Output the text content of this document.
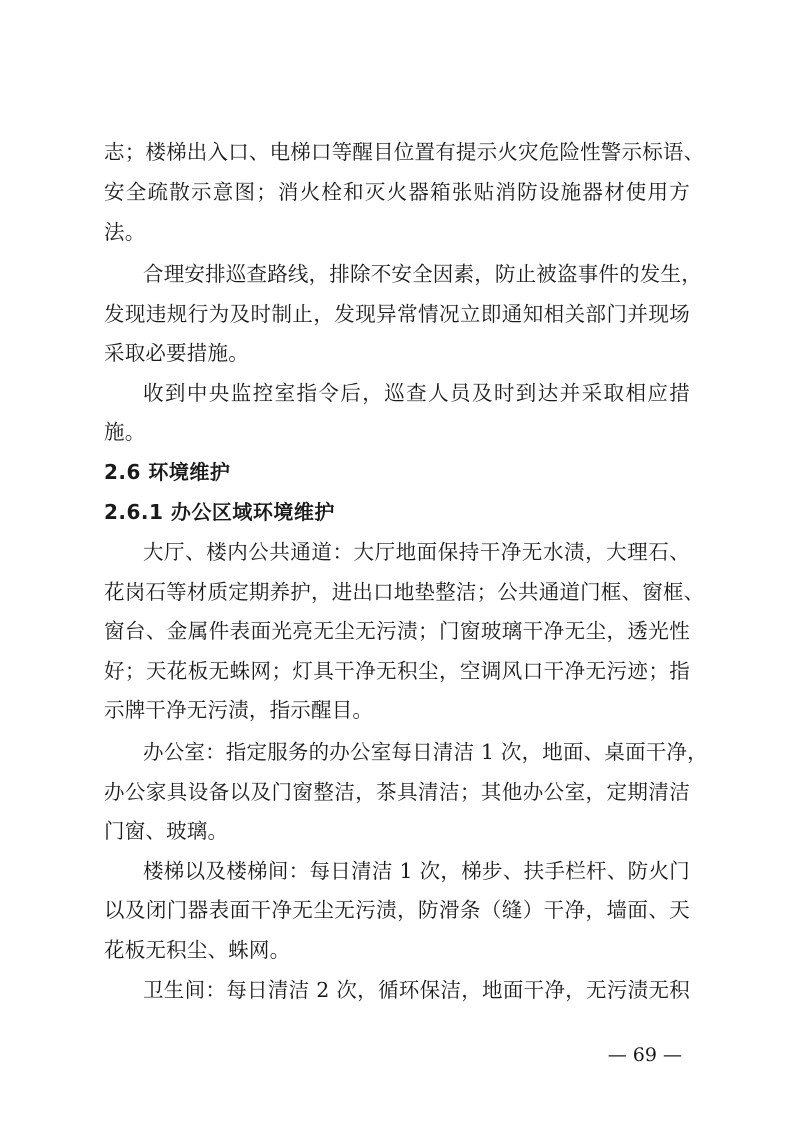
志；楼梯出入口、电梯口等醒目位置有提示火灾危险性警示标语、
安全疏散示意图；消火栓和灭火器箱张贴消防设施器材使用方
法。
合理安排巡查路线，排除不安全因素，防止被盗事件的发生，
发现违规行为及时制止，发现异常情况立即通知相关部门并现场
采取必要措施。
收到中央监控室指令后，巡查人员及时到达并采取相应措
施。
2.6 环境维护
2.6.1 办公区域环境维护
大厅、楼内公共通道：大厅地面保持干净无水渍，大理石、
花岗石等材质定期养护，进出口地垫整洁；公共通道门框、窗框、
窗台、金属件表面光亮无尘无污渍；门窗玻璃干净无尘，透光性
好；天花板无蛛网；灯具干净无积尘，空调风口干净无污迹；指
示牌干净无污渍，指示醒目。
办公室：指定服务的办公室每日清洁 1 次，地面、桌面干净，
办公家具设备以及门窗整洁，茶具清洁；其他办公室，定期清洁
门窗、玻璃。
楼梯以及楼梯间：每日清洁 1 次，梯步、扶手栏杆、防火门
以及闭门器表面干净无尘无污渍，防滑条（缝）干净，墙面、天
花板无积尘、蛛网。
卫生间：每日清洁 2 次，循环保洁，地面干净，无污渍无积
— 69 —
